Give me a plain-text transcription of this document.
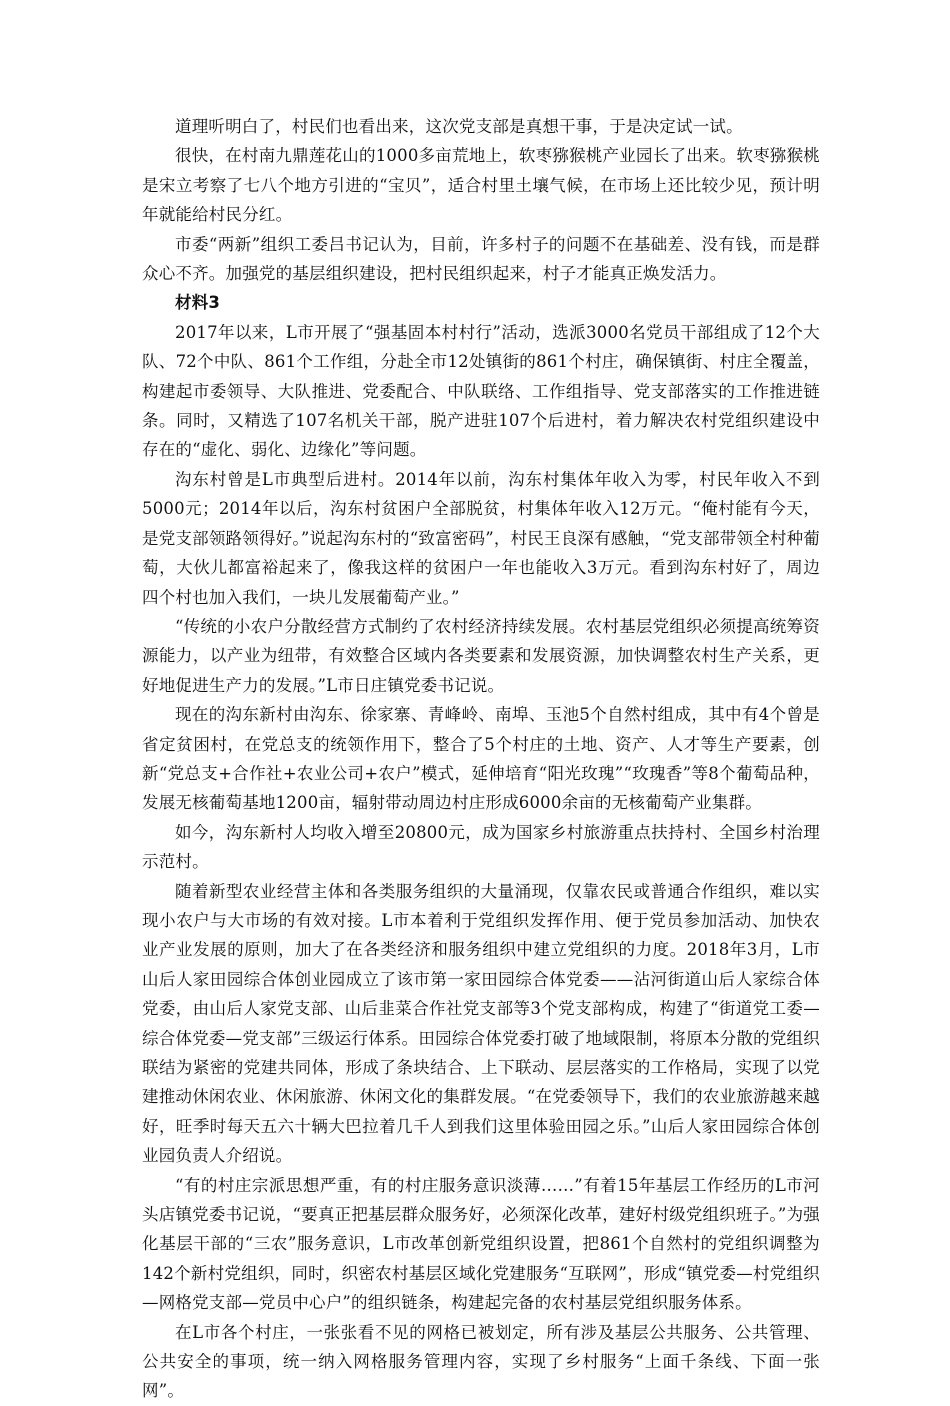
道理听明白了，村民们也看出来，这次党支部是真想干事，于是决定试一试。

很快，在村南九鼎莲花山的1000多亩荒地上，软枣猕猴桃产业园长了出来。软枣猕猴桃是宋立考察了七八个地方引进的“宝贝”，适合村里土壤气候，在市场上还比较少见，预计明年就能给村民分红。

市委“两新”组织工委吕书记认为，目前，许多村子的问题不在基础差、没有钱，而是群众心不齐。加强党的基层组织建设，把村民组织起来，村子才能真正焕发活力。

材料3

2017年以来，L市开展了“强基固本村村行”活动，选派3000名党员干部组成了12个大队、72个中队、861个工作组，分赴全市12处镇街的861个村庄，确保镇街、村庄全覆盖，构建起市委领导、大队推进、党委配合、中队联络、工作组指导、党支部落实的工作推进链条。同时，又精选了107名机关干部，脱产进驻107个后进村，着力解决农村党组织建设中存在的“虚化、弱化、边缘化”等问题。

沟东村曾是L市典型后进村。2014年以前，沟东村集体年收入为零，村民年收入不到5000元；2014年以后，沟东村贫困户全部脱贫，村集体年收入12万元。“俺村能有今天，是党支部领路领得好。”说起沟东村的“致富密码”，村民王良深有感触，“党支部带领全村种葡萄，大伙儿都富裕起来了，像我这样的贫困户一年也能收入3万元。看到沟东村好了，周边四个村也加入我们，一块儿发展葡萄产业。”

“传统的小农户分散经营方式制约了农村经济持续发展。农村基层党组织必须提高统筹资源能力，以产业为纽带，有效整合区域内各类要素和发展资源，加快调整农村生产关系，更好地促进生产力的发展。”L市日庄镇党委书记说。

现在的沟东新村由沟东、徐家寨、青峰岭、南埠、玉池5个自然村组成，其中有4个曾是省定贫困村，在党总支的统领作用下，整合了5个村庄的土地、资产、人才等生产要素，创新“党总支+合作社+农业公司+农户”模式，延伸培育“阳光玫瑰”“玫瑰香”等8个葡萄品种，发展无核葡萄基地1200亩，辐射带动周边村庄形成6000余亩的无核葡萄产业集群。

如今，沟东新村人均收入增至20800元，成为国家乡村旅游重点扶持村、全国乡村治理示范村。

随着新型农业经营主体和各类服务组织的大量涌现，仅靠农民或普通合作组织，难以实现小农户与大市场的有效对接。L市本着利于党组织发挥作用、便于党员参加活动、加快农业产业发展的原则，加大了在各类经济和服务组织中建立党组织的力度。2018年3月，L市山后人家田园综合体创业园成立了该市第一家田园综合体党委——沾河街道山后人家综合体党委，由山后人家党支部、山后韭菜合作社党支部等3个党支部构成，构建了“街道党工委—综合体党委—党支部”三级运行体系。田园综合体党委打破了地域限制，将原本分散的党组织联结为紧密的党建共同体，形成了条块结合、上下联动、层层落实的工作格局，实现了以党建推动休闲农业、休闲旅游、休闲文化的集群发展。“在党委领导下，我们的农业旅游越来越好，旺季时每天五六十辆大巴拉着几千人到我们这里体验田园之乐。”山后人家田园综合体创业园负责人介绍说。

“有的村庄宗派思想严重，有的村庄服务意识淡薄……”有着15年基层工作经历的L市河头店镇党委书记说，“要真正把基层群众服务好，必须深化改革，建好村级党组织班子。”为强化基层干部的“三农”服务意识，L市改革创新党组织设置，把861个自然村的党组织调整为142个新村党组织，同时，织密农村基层区域化党建服务“互联网”，形成“镇党委—村党组织—网格党支部—党员中心户”的组织链条，构建起完备的农村基层党组织服务体系。

在L市各个村庄，一张张看不见的网格已被划定，所有涉及基层公共服务、公共管理、公共安全的事项，统一纳入网格服务管理内容，实现了乡村服务“上面千条线、下面一张网”。
